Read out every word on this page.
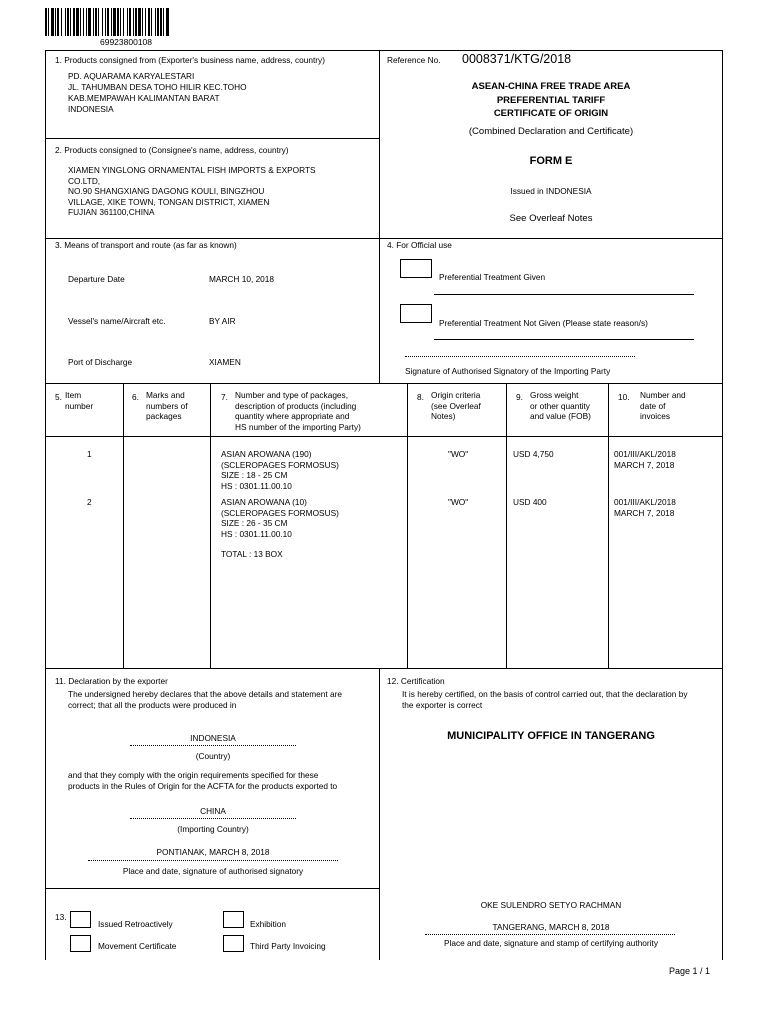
69923800108
1. Products consigned from (Exporter's business name, address, country)
PD. AQUARAMA KARYALESTARI
JL. TAHUMBAN DESA TOHO HILIR KEC.TOHO
KAB.MEMPAWAH KALIMANTAN BARAT
INDONESIA
2. Products consigned to (Consignee's name, address, country)
XIAMEN YINGLONG ORNAMENTAL FISH IMPORTS & EXPORTS
CO.LTD,
NO.90 SHANGXIANG DAGONG KOULI, BINGZHOU
VILLAGE, XIKE TOWN, TONGAN DISTRICT, XIAMEN
FUJIAN 361100,CHINA
Reference No. 0008371/KTG/2018
ASEAN-CHINA FREE TRADE AREA
PREFERENTIAL TARIFF
CERTIFICATE OF ORIGIN
(Combined Declaration and Certificate)
FORM E
Issued in INDONESIA
See Overleaf Notes
3. Means of transport and route (as far as known)
Departure Date	MARCH 10, 2018
Vessel's name/Aircraft etc.	BY AIR
Port of Discharge	XIAMEN
4. For Official use
Preferential Treatment Given
Preferential Treatment Not Given (Please state reason/s)
Signature of Authorised Signatory of the Importing Party
5. Item
number
6. Marks and
numbers of
packages
7. Number and type of packages,
description of products (including
quantity where appropriate and
HS number of the importing Party)
8. Origin criteria
(see Overleaf
Notes)
9. Gross weight
or other quantity
and value (FOB)
10. Number and
date of
invoices
1	ASIAN AROWANA (190)
(SCLEROPAGES FORMOSUS)
SIZE : 18 - 25 CM
HS : 0301.11.00.10
"WO"	USD 4,750	001/III/AKL/2018
MARCH 7, 2018
2	ASIAN AROWANA (10)
(SCLEROPAGES FORMOSUS)
SIZE : 26 - 35 CM
HS : 0301.11.00.10
"WO"	USD 400	001/III/AKL/2018
MARCH 7, 2018
TOTAL : 13 BOX
11. Declaration by the exporter
The undersigned hereby declares that the above details and statement are
correct; that all the products were produced in
INDONESIA
(Country)
and that they comply with the origin requirements specified for these
products in the Rules of Origin for the ACFTA for the products exported to
CHINA
(Importing Country)
PONTIANAK, MARCH 8, 2018
Place and date, signature of authorised signatory
12. Certification
It is hereby certified, on the basis of control carried out, that the declaration by
the exporter is correct
MUNICIPALITY OFFICE IN TANGERANG
OKE SULENDRO SETYO RACHMAN
TANGERANG, MARCH 8, 2018
Place and date, signature and stamp of certifying authority
13.
Issued Retroactively	Exhibition
Movement Certificate	Third Party Invoicing
Page 1 / 1
